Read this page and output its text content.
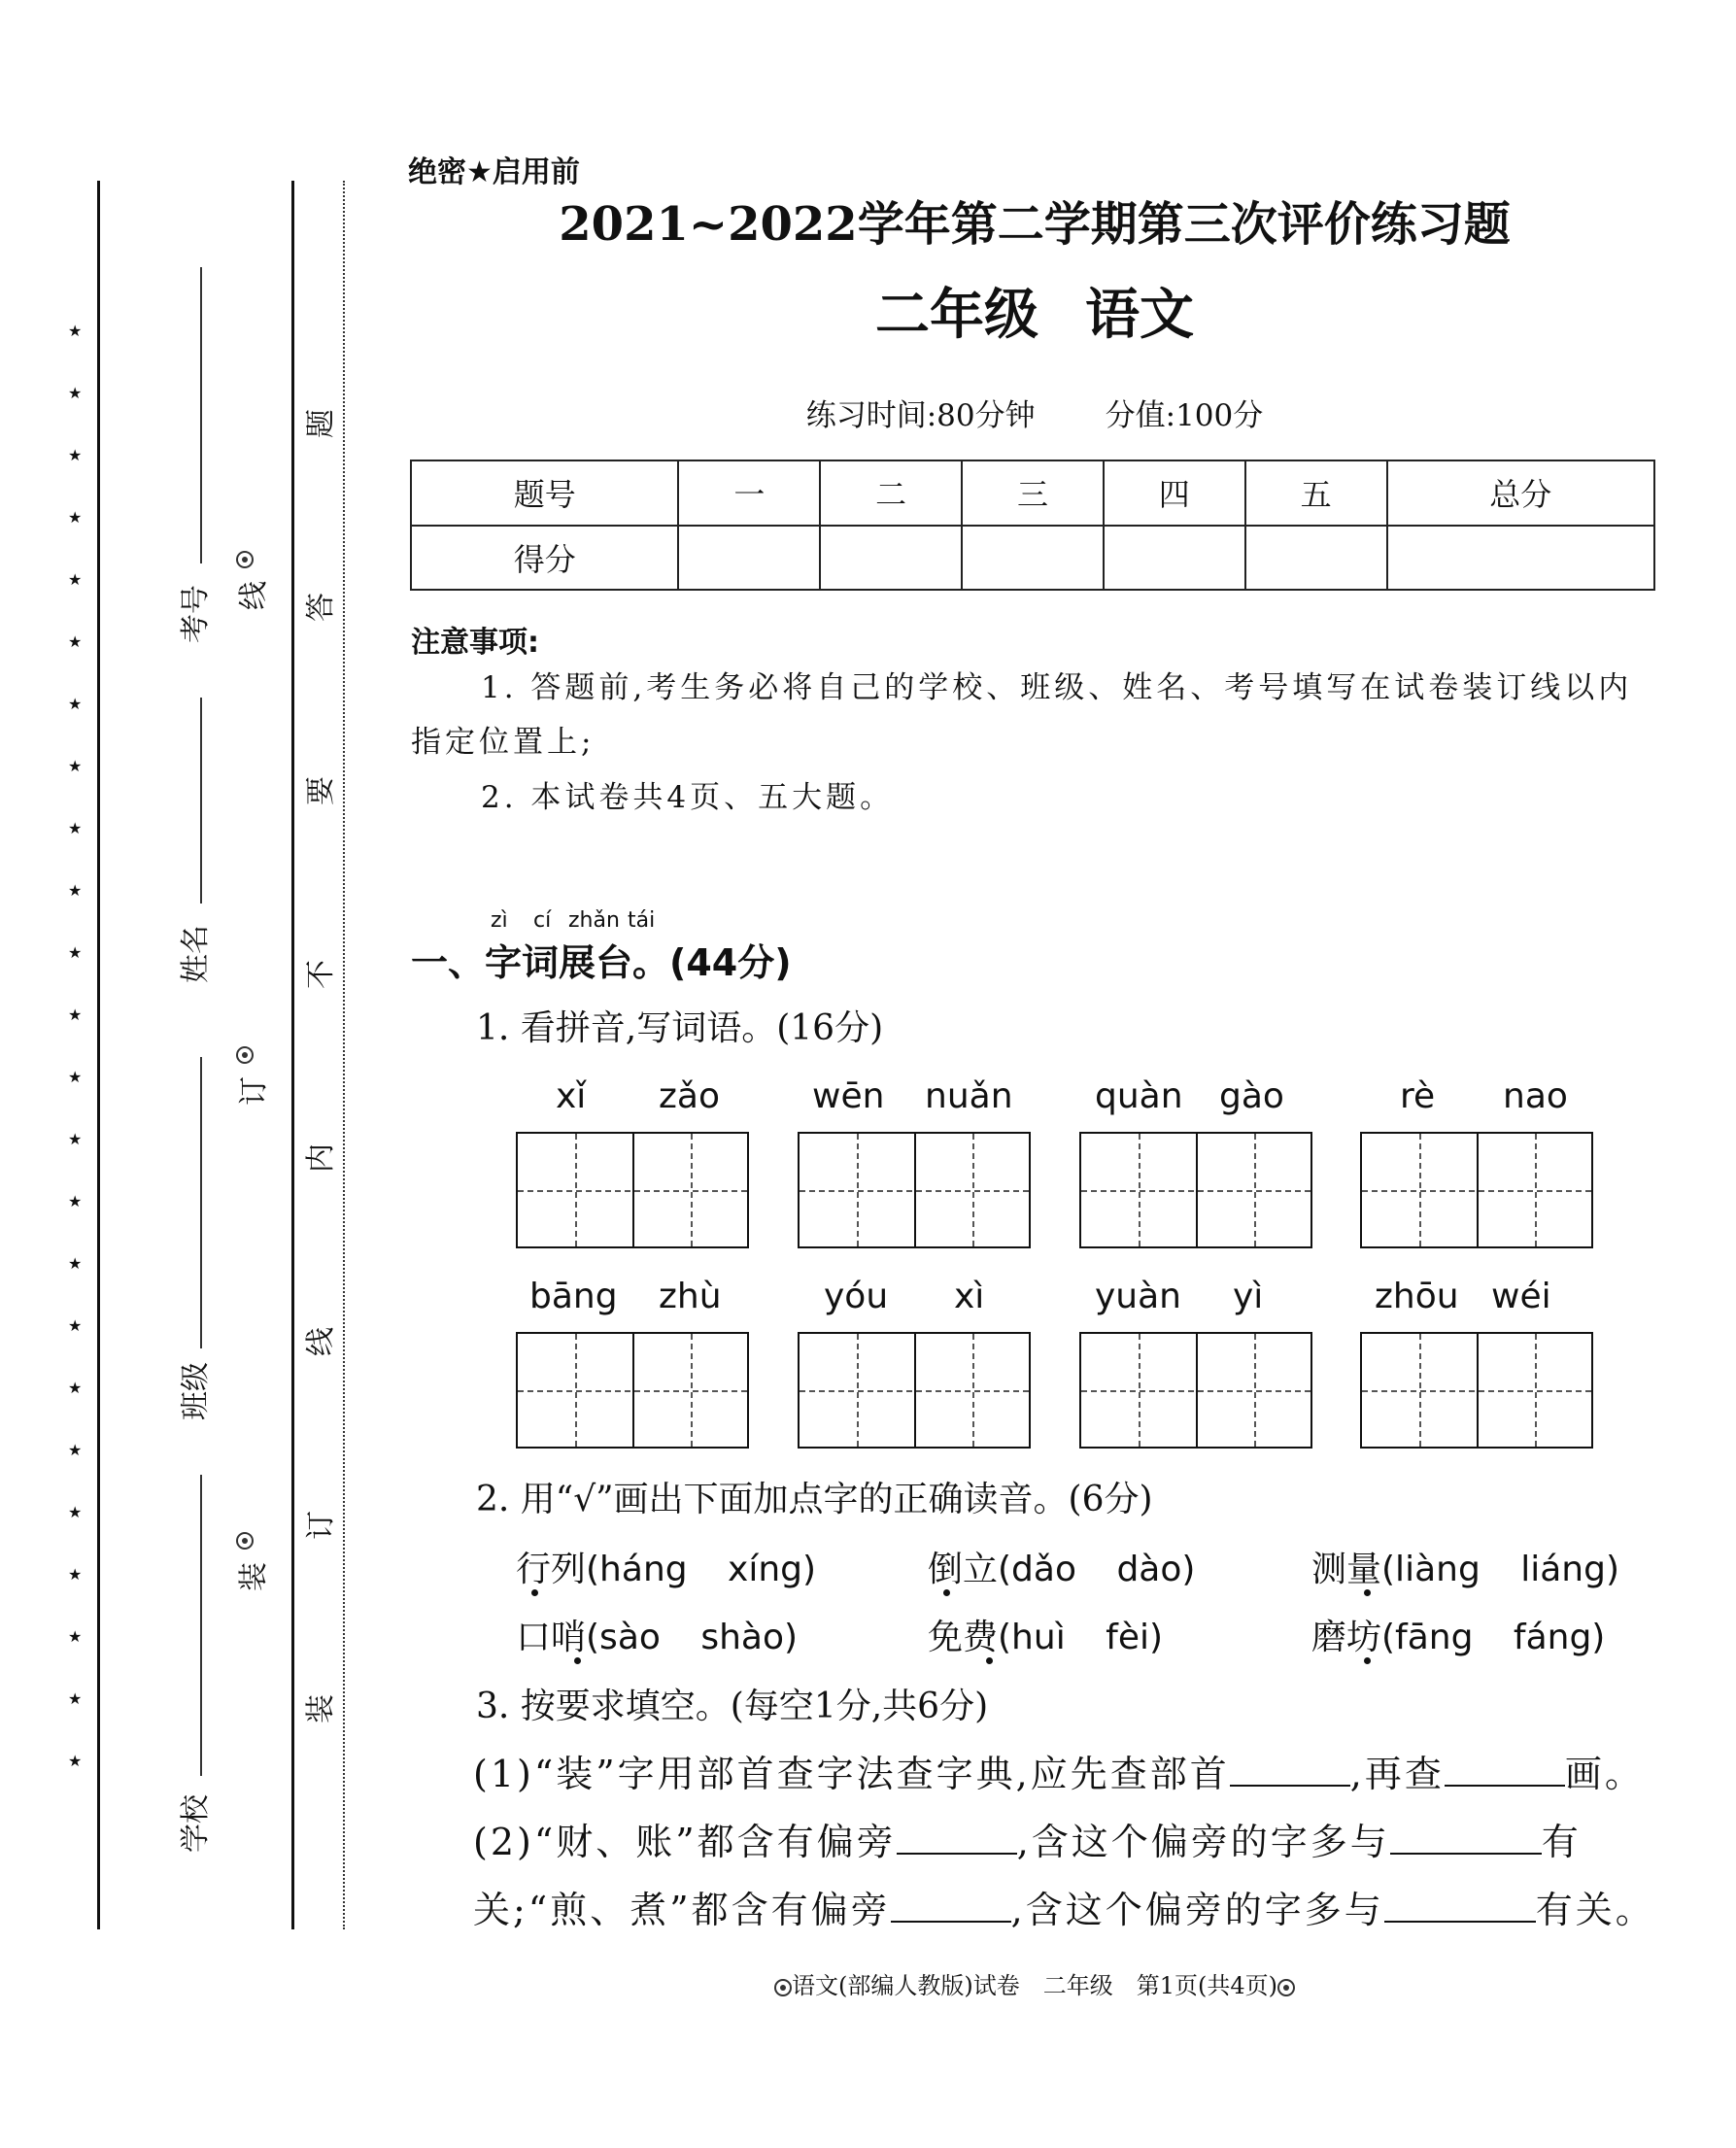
★
★
★
★
★
★
★
★
★
★
★
★
★
★
★
★
★
★
★
★
★
★
★
★
考号
姓名
班级
学校
线
订
装
题
答
要
不
内
线
订
装
绝密★启用前
2021~2022学年第二学期第三次评价练习题
二年级 语文
练习时间:80分钟 分值:100分
题号	一	二	三	四	五	总分
得分						
注意事项:
1. 答题前,考生务必将自己的学校、班级、姓名、考号填写在试卷装订线以内指定位置上;
2. 本试卷共4页、五大题。
zì cí zhǎn tái
一、字词展台。(44分)
1. 看拼音,写词语。(16分)
xǐ zǎo	wēn nuǎn quàn gào	rè nao
bāng zhù	yóu xì	yuàn yì	zhōu wéi
2. 用“√”画出下面加点字的正确读音。(6分)
行列(háng xíng)	倒立(dǎo dào)	测量(liàng liáng)
口哨(sào shào)	免费(huì fèi)	磨坊(fāng fáng)
3. 按要求填空。(每空1分,共6分)
(1)“装”字用部首查字法查字典,应先查部首	,再查	画。
(2)“财、账”都含有偏旁	,含这个偏旁的字多与	有
关;“煎、煮”都含有偏旁	,含这个偏旁的字多与	有关。
语文(部编人教版)试卷　二年级　第1页(共4页)
